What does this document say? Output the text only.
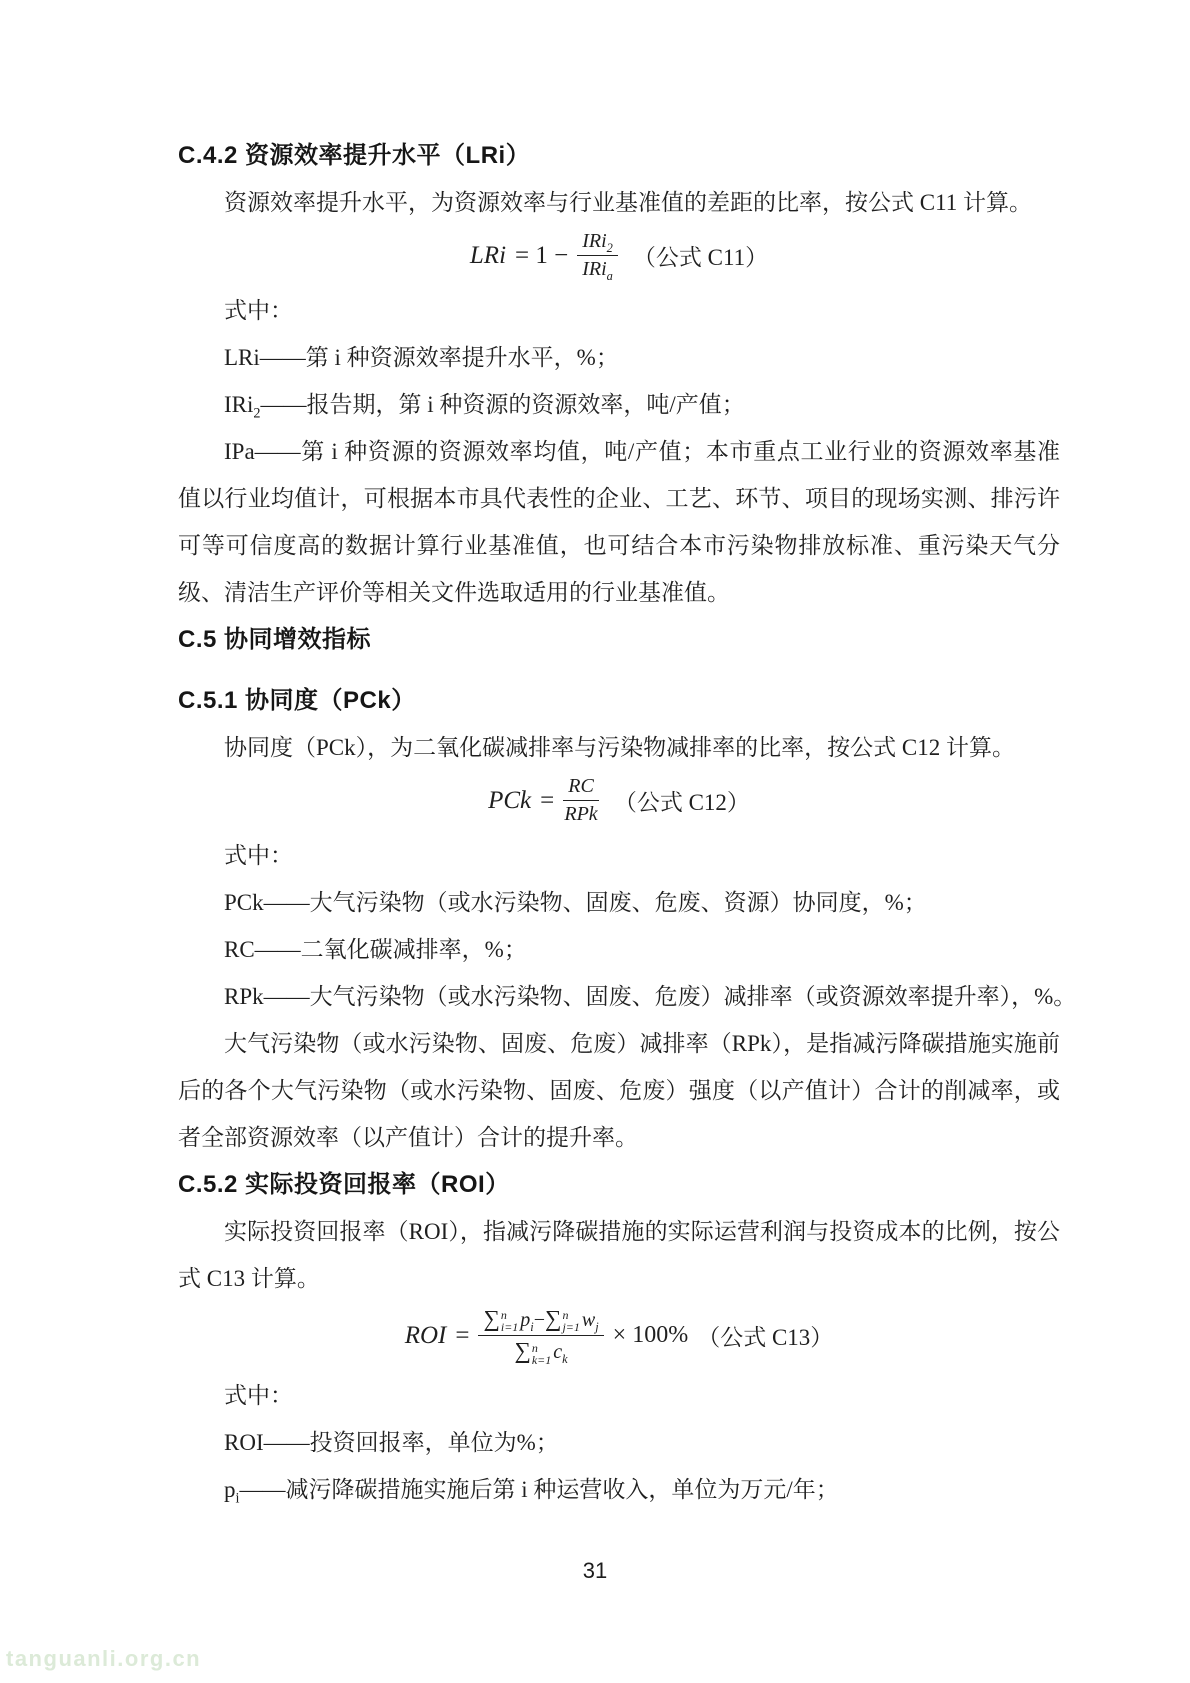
C.4.2 资源效率提升水平（LRi）

资源效率提升水平，为资源效率与行业基准值的差距的比率，按公式 C11 计算。

LRi = $1 - \frac{IRi_2}{IRi_a}$ （公式 C11）

式中：

LRi——第 i 种资源效率提升水平，%；

IRi$_2$——报告期，第 i 种资源的资源效率，吨/产值；

IPa——第 i 种资源的资源效率均值，吨/产值；本市重点工业行业的资源效率基准值以行业均值计，可根据本市具代表性的企业、工艺、环节、项目的现场实测、排污许可等可信度高的数据计算行业基准值，也可结合本市污染物排放标准、重污染天气分级、清洁生产评价等相关文件选取适用的行业基准值。

C.5 协同增效指标
C.5.1 协同度（PCk）

协同度（PCk），为二氧化碳减排率与污染物减排率的比率，按公式 C12 计算。

PCk = $\frac{RC}{\text{RPk}}$ （公式 C12）

式中：

PCk——大气污染物（或水污染物、固废、危废、资源）协同度，%；

RC——二氧化碳减排率，%；

RPk——大气污染物（或水污染物、固废、危废）减排率（或资源效率提升率），%。

大气污染物（或水污染物、固废、危废）减排率（RPk），是指减污降碳措施实施前后的各个大气污染物（或水污染物、固废、危废）强度（以产值计）合计的削减率，或者全部资源效率（以产值计）合计的提升率。

C.5.2 实际投资回报率（ROI）

实际投资回报率（ROI），指减污降碳措施的实际运营利润与投资成本的比例，按公式 C13 计算。

ROI = ∑ n
i=1 $p_i-\sum$ n
j=1 $w_j$
∑ n
k=1 $c_k \times 100\%$ （公式 C13）

式中：

ROI——投资回报率，单位为%；

$p_i——$减污降碳措施实施后第 i 种运营收入，单位为万元/年；

31
tanguanli.org.cn
